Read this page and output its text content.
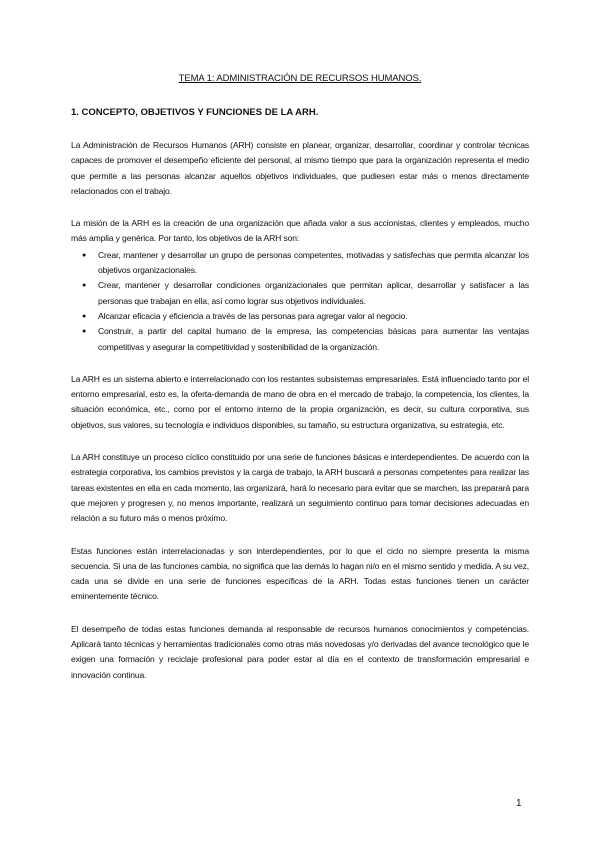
TEMA 1: ADMINISTRACIÓN DE RECURSOS HUMANOS.
1. CONCEPTO, OBJETIVOS Y FUNCIONES DE LA ARH.

La Administración de Recursos Humanos (ARH) consiste en planear, organizar, desarrollar, coordinar y controlar técnicas capaces de promover el desempeño eficiente del personal, al mismo tiempo que para la organización representa el medio que permite a las personas alcanzar aquellos objetivos individuales, que pudiesen estar más o menos directamente relacionados con el trabajo.

La misión de la ARH es la creación de una organización que añada valor a sus accionistas, clientes y empleados, mucho más amplia y genérica. Por tanto, los objetivos de la ARH son:

● Crear, mantener y desarrollar un grupo de personas competentes, motivadas y satisfechas que permita alcanzar los objetivos organizacionales.
● Crear, mantener y desarrollar condiciones organizacionales que permitan aplicar, desarrollar y satisfacer a las personas que trabajan en ella, así como lograr sus objetivos individuales.
● Alcanzar eficacia y eficiencia a través de las personas para agregar valor al negocio.
● Construir, a partir del capital humano de la empresa, las competencias básicas para aumentar las ventajas competitivas y asegurar la competitividad y sostenibilidad de la organización.

La ARH es un sistema abierto e interrelacionado con los restantes subsistemas empresariales. Está influenciado tanto por el entorno empresarial, esto es, la oferta-demanda de mano de obra en el mercado de trabajo, la competencia, los clientes, la situación económica, etc., como por el entorno interno de la propia organización, es decir, su cultura corporativa, sus objetivos, sus valores, su tecnología e individuos disponibles, su tamaño, su estructura organizativa, su estrategia, etc.

La ARH constituye un proceso cíclico constituido por una serie de funciones básicas e interdependientes. De acuerdo con la estrategia corporativa, los cambios previstos y la carga de trabajo, la ARH buscará a personas competentes para realizar las tareas existentes en ella en cada momento, las organizará, hará lo necesario para evitar que se marchen, las preparará para que mejoren y progresen y, no menos importante, realizará un seguimiento continuo para tomar decisiones adecuadas en relación a su futuro más o menos próximo.

Estas funciones están interrelacionadas y son interdependientes, por lo que el ciclo no siempre presenta la misma secuencia. Si una de las funciones cambia, no significa que las demás lo hagan ni/o en el mismo sentido y medida. A su vez, cada una se divide en una serie de funciones específicas de la ARH. Todas estas funciones tienen un carácter eminentemente técnico.

El desempeño de todas estas funciones demanda al responsable de recursos humanos conocimientos y competencias. Aplicará tanto técnicas y herramientas tradicionales como otras más novedosas y/o derivadas del avance tecnológico que le exigen una formación y reciclaje profesional para poder estar al día en el contexto de transformación empresarial e innovación continua.

1
